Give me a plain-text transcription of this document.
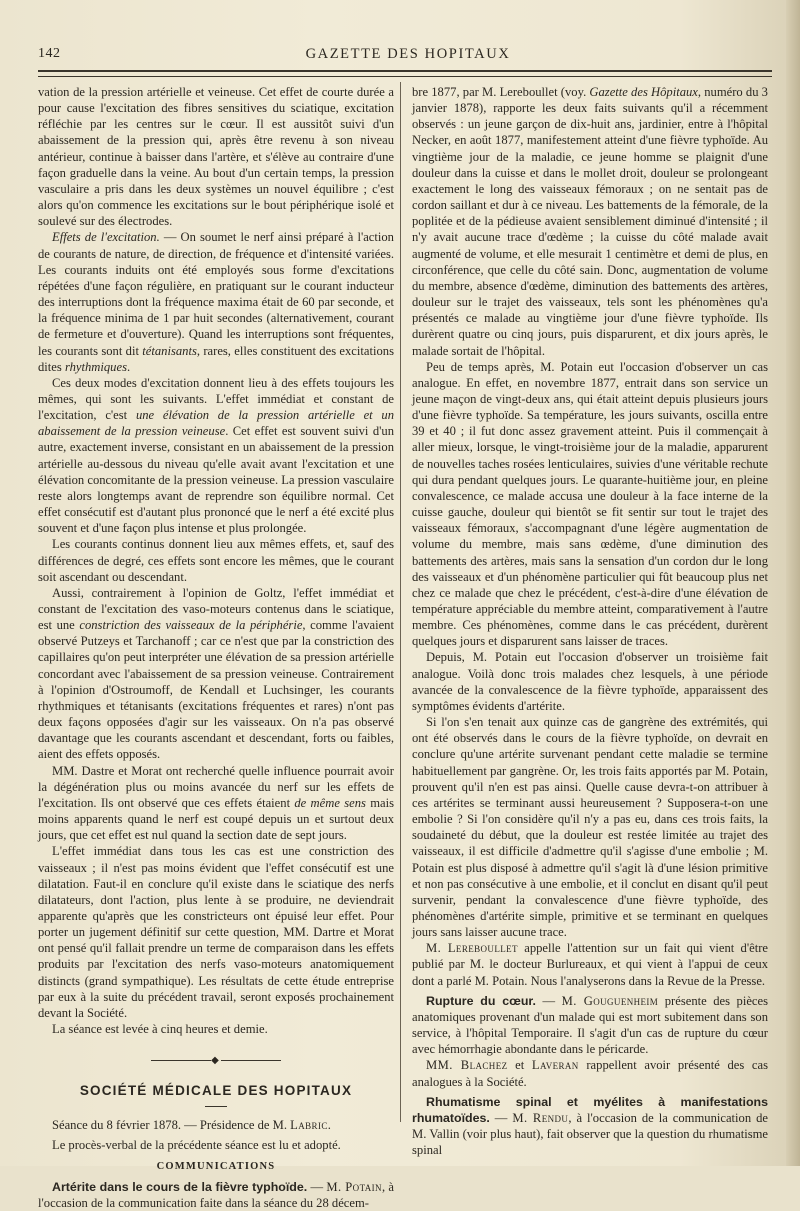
142	GAZETTE DES HOPITAUX

vation de la pression artérielle et veineuse. Cet effet de courte durée a pour cause l'excitation des fibres sensitives du sciatique, excitation réfléchie par les centres sur le cœur. Il est aussitôt suivi d'un abaissement de la pression qui, après être revenu à son niveau antérieur, continue à baisser dans l'artère, et s'élève au contraire d'une façon graduelle dans la veine. Au bout d'un certain temps, la pression vasculaire a pris dans les deux systèmes un nouvel équilibre ; c'est alors qu'on commence les excitations sur le bout périphérique isolé et soulevé sur des électrodes.

Effets de l'excitation. — On soumet le nerf ainsi préparé à l'action de courants de nature, de direction, de fréquence et d'intensité variées. Les courants induits ont été employés sous forme d'excitations répétées d'une façon régulière, en pratiquant sur le courant inducteur des interruptions dont la fréquence maxima était de 60 par seconde, et la fréquence minima de 1 par huit secondes (alternativement, courant de fermeture et d'ouverture). Quand les interruptions sont fréquentes, les courants sont dit tétanisants, rares, elles constituent des excitations dites rhythmiques.

Ces deux modes d'excitation donnent lieu à des effets toujours les mêmes, qui sont les suivants. L'effet immédiat et constant de l'excitation, c'est une élévation de la pression artérielle et un abaissement de la pression veineuse. Cet effet est souvent suivi d'un autre, exactement inverse, consistant en un abaissement de la pression artérielle au-dessous du niveau qu'elle avait avant l'excitation et une élévation concomitante de la pression veineuse. La pression vasculaire reste alors longtemps avant de reprendre son équilibre normal. Cet effet consécutif est d'autant plus prononcé que le nerf a été excité plus souvent et d'une façon plus intense et plus prolongée.

Les courants continus donnent lieu aux mêmes effets, et, sauf des différences de degré, ces effets sont encore les mêmes, que le courant soit ascendant ou descendant.

Aussi, contrairement à l'opinion de Goltz, l'effet immédiat et constant de l'excitation des vaso-moteurs contenus dans le sciatique, est une constriction des vaisseaux de la périphérie, comme l'avaient observé Putzeys et Tarchanoff ; car ce n'est que par la constriction des capillaires qu'on peut interpréter une élévation de sa pression artérielle concordant avec l'abaissement de sa pression veineuse. Contrairement à l'opinion d'Ostroumoff, de Kendall et Luchsinger, les courants rhythmiques et tétanisants (excitations fréquentes et rares) n'ont pas deux façons opposées d'agir sur les vaisseaux. On n'a pas observé davantage que les courants ascendant et descendant, forts ou faibles, aient des effets opposés.

MM. Dastre et Morat ont recherché quelle influence pourrait avoir la dégénération plus ou moins avancée du nerf sur les effets de l'excitation. Ils ont observé que ces effets étaient de même sens mais moins apparents quand le nerf est coupé depuis un et surtout deux jours, que cet effet est nul quand la section date de sept jours.

L'effet immédiat dans tous les cas est une constriction des vaisseaux ; il n'est pas moins évident que l'effet consécutif est une dilatation. Faut-il en conclure qu'il existe dans le sciatique des nerfs dilatateurs, dont l'action, plus lente à se produire, ne deviendrait apparente qu'après que les constricteurs ont épuisé leur effet. Pour porter un jugement définitif sur cette question, MM. Dartre et Morat ont pensé qu'il fallait prendre un terme de comparaison dans les effets produits par l'excitation des nerfs vaso-moteurs anatomiquement distincts (grand sympathique). Les résultats de cette étude entreprise par eux à la suite du précédent travail, seront exposés prochainement devant la Société.

La séance est levée à cinq heures et demie.

◆
SOCIÉTÉ MÉDICALE DES HOPITAUX

Séance du 8 février 1878. — Présidence de M. Labric.

Le procès-verbal de la précédente séance est lu et adopté.

COMMUNICATIONS

Artérite dans le cours de la fièvre typhoïde. — M. Potain, à l'occasion de la communication faite dans la séance du 28 décem-

bre 1877, par M. Lereboullet (voy. Gazette des Hôpitaux, numéro du 3 janvier 1878), rapporte les deux faits suivants qu'il a récemment observés : un jeune garçon de dix-huit ans, jardinier, entre à l'hôpital Necker, en août 1877, manifestement atteint d'une fièvre typhoïde. Au vingtième jour de la maladie, ce jeune homme se plaignit d'une douleur dans la cuisse et dans le mollet droit, douleur se prolongeant exactement le long des vaisseaux fémoraux ; on ne sentait pas de cordon saillant et dur à ce niveau. Les battements de la fémorale, de la poplitée et de la pédieuse avaient sensiblement diminué d'intensité ; il n'y avait aucune trace d'œdème ; la cuisse du côté malade avait augmenté de volume, et elle mesurait 1 centimètre et demi de plus, en circonférence, que celle du côté sain. Donc, augmentation de volume du membre, absence d'œdème, diminution des battements des artères, douleur sur le trajet des vaisseaux, tels sont les phénomènes qu'a présentés ce malade au vingtième jour d'une fièvre typhoïde. Ils durèrent quatre ou cinq jours, puis disparurent, et dix jours après, le malade sortait de l'hôpital.

Peu de temps après, M. Potain eut l'occasion d'observer un cas analogue. En effet, en novembre 1877, entrait dans son service un jeune maçon de vingt-deux ans, qui était atteint depuis plusieurs jours d'une fièvre typhoïde. Sa température, les jours suivants, oscilla entre 39 et 40 ; il fut donc assez gravement atteint. Puis il commençait à aller mieux, lorsque, le vingt-troisième jour de la maladie, apparurent de nouvelles taches rosées lenticulaires, suivies d'une véritable rechute qui dura pendant quelques jours. Le quarante-huitième jour, en pleine convalescence, ce malade accusa une douleur à la face interne de la cuisse gauche, douleur qui bientôt se fit sentir sur tout le trajet des vaisseaux fémoraux, s'accompagnant d'une légère augmentation de volume du membre, mais sans œdème, d'une diminution des battements des artères, mais sans la sensation d'un cordon dur le long des vaisseaux et d'un phénomène particulier qui fût beaucoup plus net chez ce malade que chez le précédent, c'est-à-dire d'une élévation de température appréciable du membre atteint, comparativement à l'autre membre. Ces phénomènes, comme dans le cas précédent, durèrent quelques jours et disparurent sans laisser de traces.

Depuis, M. Potain eut l'occasion d'observer un troisième fait analogue. Voilà donc trois malades chez lesquels, à une période avancée de la convalescence de la fièvre typhoïde, apparaissent des symptômes évidents d'artérite.

Si l'on s'en tenait aux quinze cas de gangrène des extrémités, qui ont été observés dans le cours de la fièvre typhoïde, on devrait en conclure qu'une artérite survenant pendant cette maladie se termine habituellement par gangrène. Or, les trois faits apportés par M. Potain, prouvent qu'il n'en est pas ainsi. Quelle cause devra-t-on attribuer à ces artérites se terminant aussi heureusement ? Supposera-t-on une embolie ? Si l'on considère qu'il n'y a pas eu, dans ces trois faits, la soudaineté du début, que la douleur est restée limitée au trajet des vaisseaux, il est difficile d'admettre qu'il s'agisse d'une embolie ; M. Potain est plus disposé à admettre qu'il s'agit là d'une lésion primitive et non pas consécutive à une embolie, et il conclut en disant qu'il peut survenir, pendant la convalescence d'une fièvre typhoïde, des phénomènes d'artérite simple, primitive et se terminant en quelques jours sans laisser aucune trace.

M. Lereboullet appelle l'attention sur un fait qui vient d'être publié par M. le docteur Burlureaux, et qui vient à l'appui de ceux dont a parlé M. Potain. Nous l'analyserons dans la Revue de la Presse.

Rupture du cœur. — M. Gouguenheim présente des pièces anatomiques provenant d'un malade qui est mort subitement dans son service, à l'hôpital Temporaire. Il s'agit d'un cas de rupture du cœur avec hémorrhagie abondante dans le péricarde.

MM. Blachez et Laveran rappellent avoir présenté des cas analogues à la Société.

Rhumatisme spinal et myélites à manifestations rhumatoïdes. — M. Rendu, à l'occasion de la communication de M. Vallin (voir plus haut), fait observer que la question du rhumatisme spinal
